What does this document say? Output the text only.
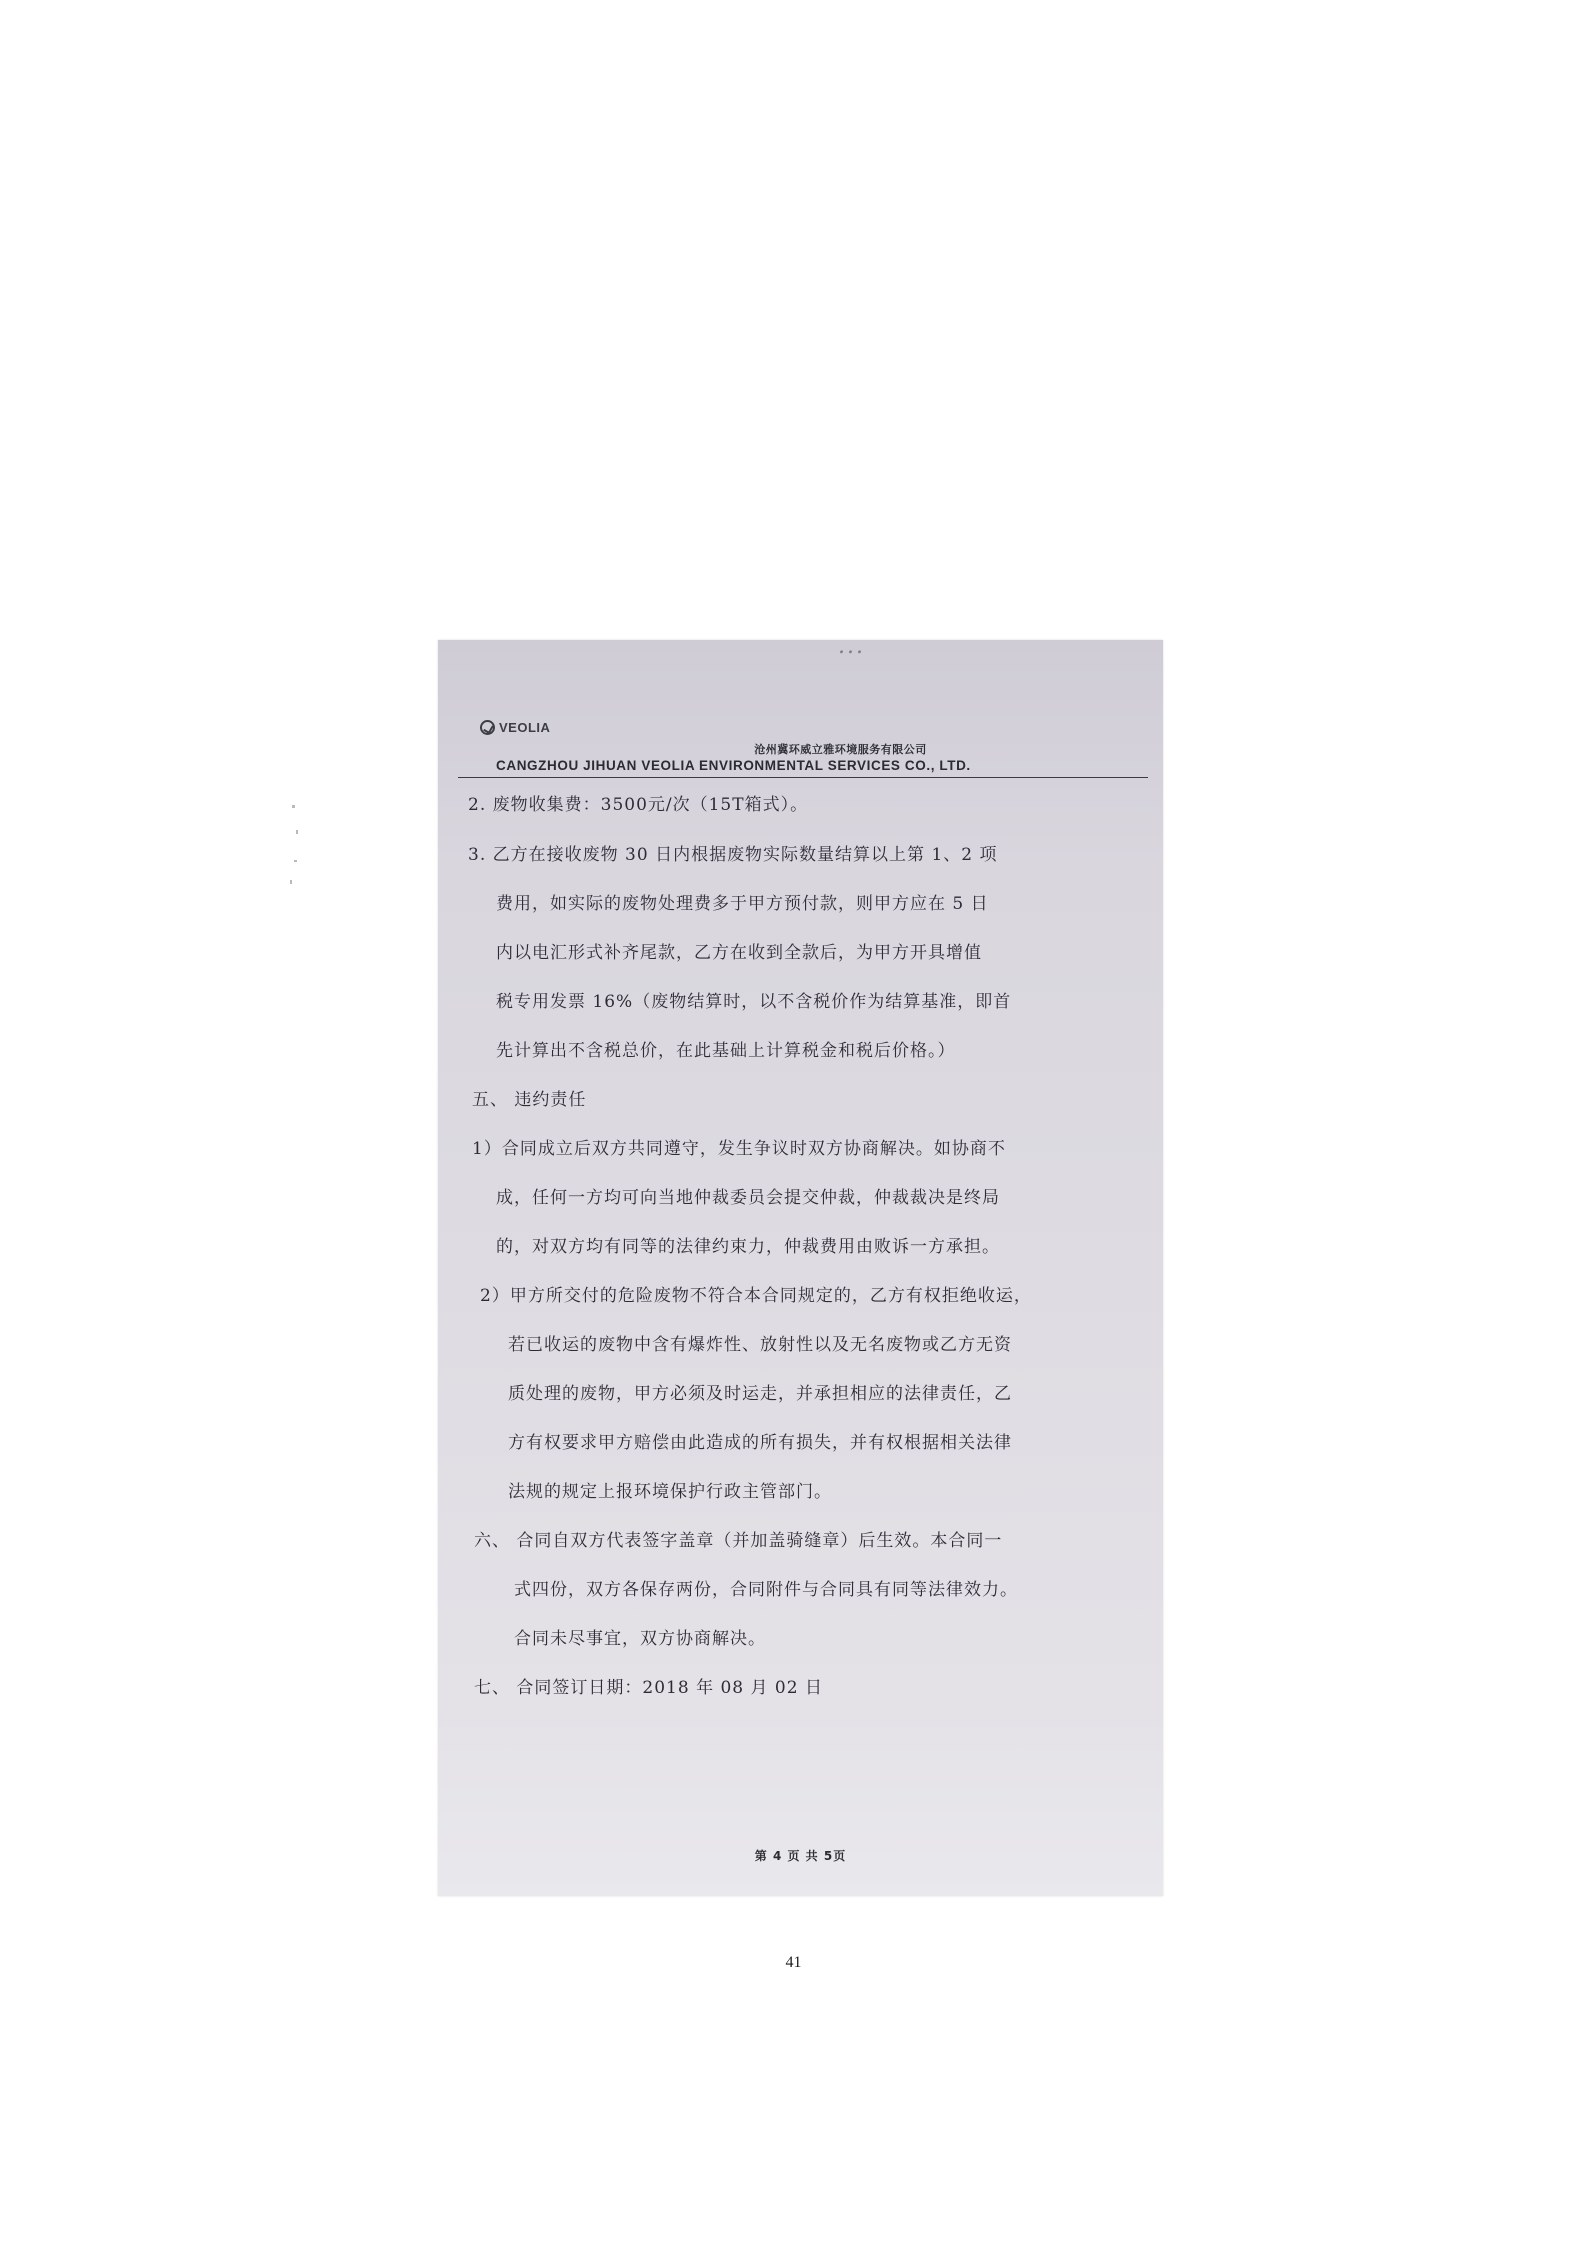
...
VEOLIA
沧州冀环威立雅环境服务有限公司
CANGZHOU JIHUAN VEOLIA ENVIRONMENTAL SERVICES CO., LTD.
2. 废物收集费：3500元/次（15T箱式）。
3. 乙方在接收废物 30 日内根据废物实际数量结算以上第 1、2 项
费用，如实际的废物处理费多于甲方预付款，则甲方应在 5 日
内以电汇形式补齐尾款，乙方在收到全款后，为甲方开具增值
税专用发票 16%（废物结算时，以不含税价作为结算基准，即首
先计算出不含税总价，在此基础上计算税金和税后价格。）
五、 违约责任
1）合同成立后双方共同遵守，发生争议时双方协商解决。如协商不
成，任何一方均可向当地仲裁委员会提交仲裁，仲裁裁决是终局
的，对双方均有同等的法律约束力，仲裁费用由败诉一方承担。
2）甲方所交付的危险废物不符合本合同规定的，乙方有权拒绝收运，
若已收运的废物中含有爆炸性、放射性以及无名废物或乙方无资
质处理的废物，甲方必须及时运走，并承担相应的法律责任，乙
方有权要求甲方赔偿由此造成的所有损失，并有权根据相关法律
法规的规定上报环境保护行政主管部门。
六、 合同自双方代表签字盖章（并加盖骑缝章）后生效。本合同一
式四份，双方各保存两份，合同附件与合同具有同等法律效力。
合同未尽事宜，双方协商解决。
七、 合同签订日期：2018 年 08 月 02 日
第 4 页 共 5页
41
